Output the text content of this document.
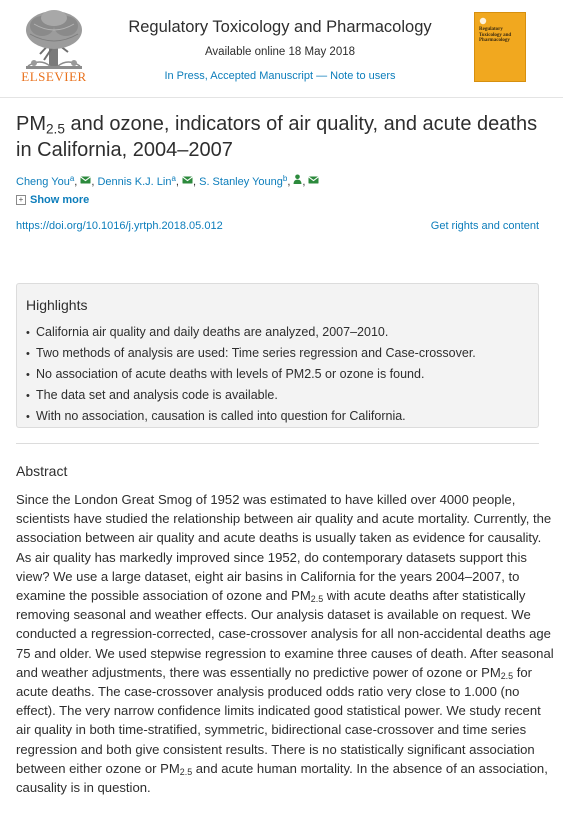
ELSEVIER
Regulatory Toxicology and Pharmacology
Available online 18 May 2018
In Press, Accepted Manuscript — Note to users
Regulatory Toxicology and Pharmacology
$PM_{2.5}$ and ozone, indicators of air quality, and acute deaths in California, 2004–2007
Cheng You$^a$, , Dennis K.J. Lin$^a$, , S. Stanley Young$^b$, ,
+ Show more
https://doi.org/10.1016/j.yrtph.2018.05.012	Get rights and content
Highlights
• California air quality and daily deaths are analyzed, 2007–2010.
• Two methods of analysis are used: Time series regression and Case-crossover.
• No association of acute deaths with levels of PM2.5 or ozone is found.
• The data set and analysis code is available.
• With no association, causation is called into question for California.
Abstract
Since the London Great Smog of 1952 was estimated to have killed over 4000 people, scientists have studied the relationship between air quality and acute mortality. Currently, the association between air quality and acute deaths is usually taken as evidence for causality. As air quality has markedly improved since 1952, do contemporary datasets support this view? We use a large dataset, eight air basins in California for the years 2004–2007, to examine the possible association of ozone and $PM_{2.5}$ with acute deaths after statistically removing seasonal and weather effects. Our analysis dataset is available on request. We conducted a regression-corrected, case-crossover analysis for all non-accidental deaths age 75 and older. We used stepwise regression to examine three causes of death. After seasonal and weather adjustments, there was essentially no predictive power of ozone or $PM_{2.5}$ for acute deaths. The case-crossover analysis produced odds ratio very close to 1.000 (no effect). The very narrow confidence limits indicated good statistical power. We study recent air quality in both time-stratified, symmetric, bidirectional case-crossover and time series regression and both give consistent results. There is no statistically significant association between either ozone or $PM_{2.5}$ and acute human mortality. In the absence of an association, causality is in question.
